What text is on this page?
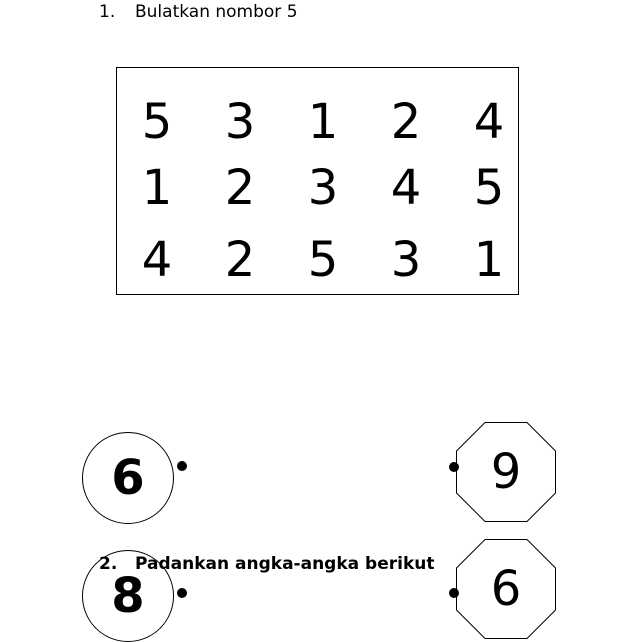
1. Bulatkan nombor 5
5	3	1	2	4
1	2	3	4	5
4	2	5	3	1
6	9
2. Padankan angka-angka berikut
8	6
